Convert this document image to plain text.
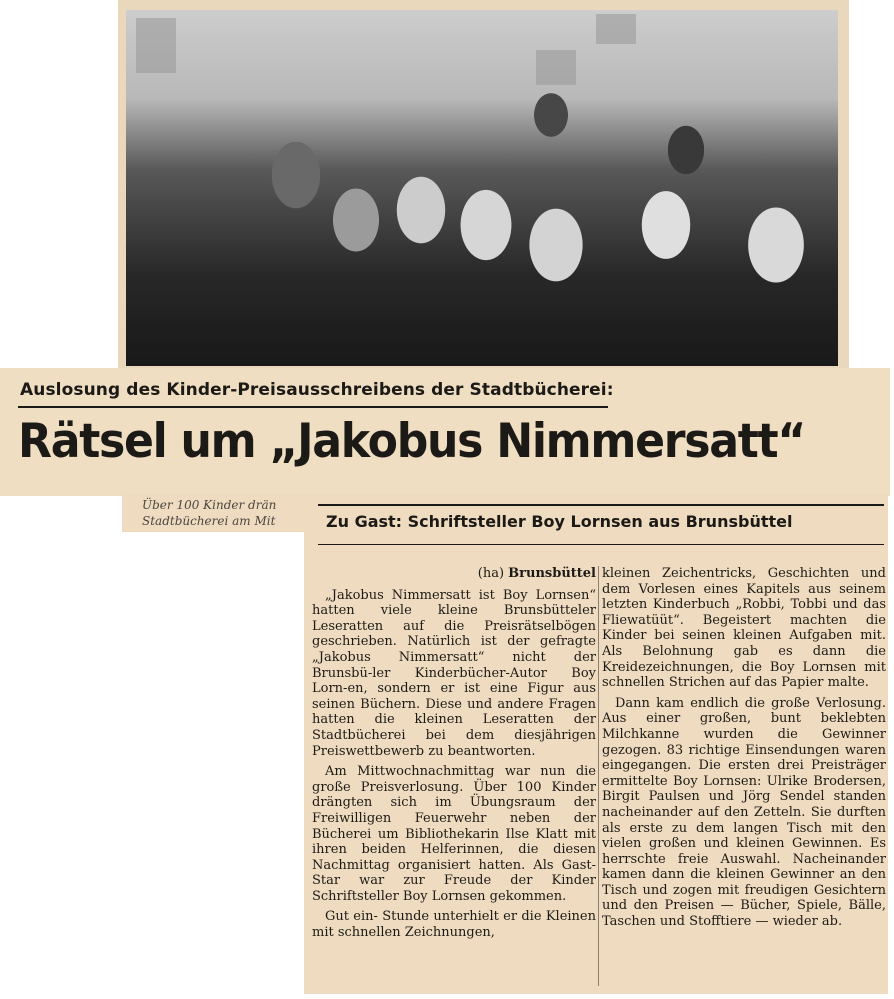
Auslosung des Kinder-Preisausschreibens der Stadtbücherei:
Rätsel um „Jakobus Nimmersatt“
Über 100 Kinder drän
Stadtbücherei am Mit	Zu Gast: Schriftsteller Boy Lornsen aus Brunsbüttel

(ha) Brunsbüttel

„Jakobus Nimmersatt ist Boy Lornsen“ hatten viele kleine Brunsbütteler Leseratten auf die Preisrätselbögen geschrieben. Natürlich ist der gefragte „Jakobus Nimmersatt“ nicht der Brunsbü‑ler Kinderbücher-Autor Boy Lorn‑en, sondern er ist eine Figur aus seinen Büchern. Diese und andere Fragen hatten die kleinen Leseratten der Stadtbücherei bei dem diesjährigen Preiswettbewerb zu beantworten.

Am Mittwochnachmittag war nun die große Preisverlosung. Über 100 Kinder drängten sich im Übungsraum der Freiwilligen Feuerwehr neben der Bücherei um Bibliothekarin Ilse Klatt mit ihren beiden Helferinnen, die diesen Nachmittag organisiert hatten. Als Gast-Star war zur Freude der Kinder Schriftsteller Boy Lornsen gekommen.

Gut ein‑ Stunde unterhielt er die Kleinen mit schnellen Zeichnungen,

kleinen Zeichentricks, Geschichten und dem Vorlesen eines Kapitels aus seinem letzten Kinderbuch „Robbi, Tobbi und das Fliewatüüt“. Begeistert machten die Kinder bei seinen kleinen Aufgaben mit. Als Belohnung gab es dann die Kreidezeichnungen, die Boy Lornsen mit schnellen Strichen auf das Papier malte.

Dann kam endlich die große Verlosung. Aus einer großen, bunt beklebten Milchkanne wurden die Gewinner gezogen. 83 richtige Einsendungen waren eingegangen. Die ersten drei Preisträger ermittelte Boy Lornsen: Ulrike Brodersen, Birgit Paulsen und Jörg Sendel standen nacheinander auf den Zetteln. Sie durften als erste zu dem langen Tisch mit den vielen großen und kleinen Gewinnen. Es herrschte freie Auswahl. Nacheinander kamen dann die kleinen Gewinner an den Tisch und zogen mit freudigen Gesichtern und den Preisen — Bücher, Spiele, Bälle, Taschen und Stofftiere — wieder ab.
